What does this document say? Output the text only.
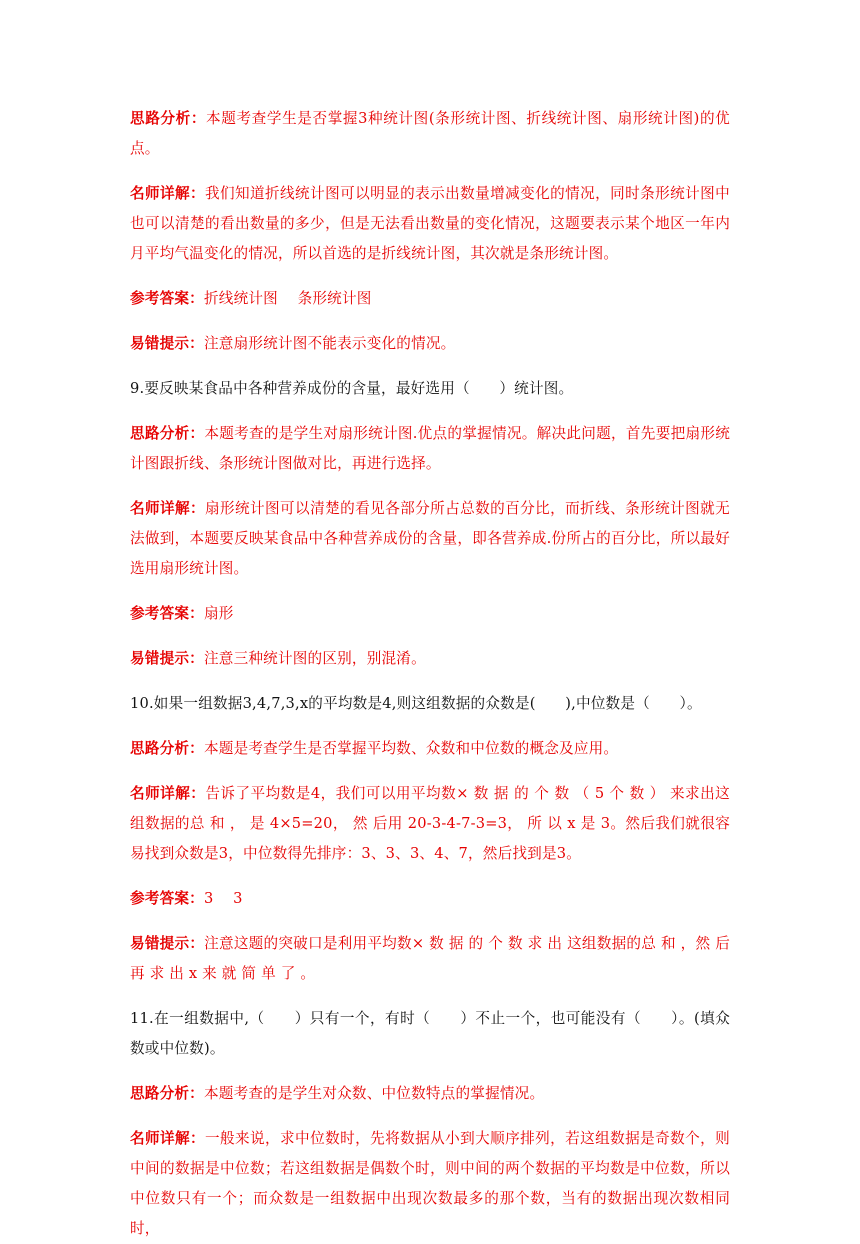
思路分析：本题考查学生是否掌握3种统计图(条形统计图、折线统计图、扇形统计图)的优点。

名师详解：我们知道折线统计图可以明显的表示出数量增减变化的情况，同时条形统计图中也可以清楚的看出数量的多少，但是无法看出数量的变化情况，这题要表示某个地区一年内月平均气温变化的情况，所以首选的是折线统计图，其次就是条形统计图。

参考答案：折线统计图　 条形统计图

易错提示：注意扇形统计图不能表示变化的情况。

9.要反映某食品中各种营养成份的含量，最好选用（　　）统计图。

思路分析：本题考查的是学生对扇形统计图.优点的掌握情况。解决此问题，首先要把扇形统计图跟折线、条形统计图做对比，再进行选择。

名师详解：扇形统计图可以清楚的看见各部分所占总数的百分比，而折线、条形统计图就无法做到，本题要反映某食品中各种营养成份的含量，即各营养成.份所占的百分比，所以最好选用扇形统计图。

参考答案：扇形

易错提示：注意三种统计图的区别，别混淆。

10.如果一组数据3,4,7,3,x的平均数是4,则这组数据的众数是(　　),中位数是（　　）。

思路分析：本题是考查学生是否掌握平均数、众数和中位数的概念及应用。

名师详解：告诉了平均数是4，我们可以用平均数× 数 据 的 个 数 （ 5 个 数 ） 来求出这组数据的总 和 ， 是 4×5=20， 然 后用 20-3-4-7-3=3， 所 以 x 是 3。然后我们就很容易找到众数是3，中位数得先排序：3、3、3、4、7，然后找到是3。

参考答案：3　 3

易错提示：注意这题的突破口是利用平均数× 数 据 的 个 数 求 出 这组数据的总 和 ，然 后 再 求 出 x 来 就 简 单 了 。

11.在一组数据中,（　　）只有一个，有时（　　）不止一个，也可能没有（　　）。(填众数或中位数)。

思路分析：本题考查的是学生对众数、中位数特点的掌握情况。

名师详解：一般来说，求中位数时，先将数据从小到大顺序排列，若这组数据是奇数个，则中间的数据是中位数；若这组数据是偶数个时，则中间的两个数据的平均数是中位数，所以中位数只有一个；而众数是一组数据中出现次数最多的那个数，当有的数据出现次数相同时，
